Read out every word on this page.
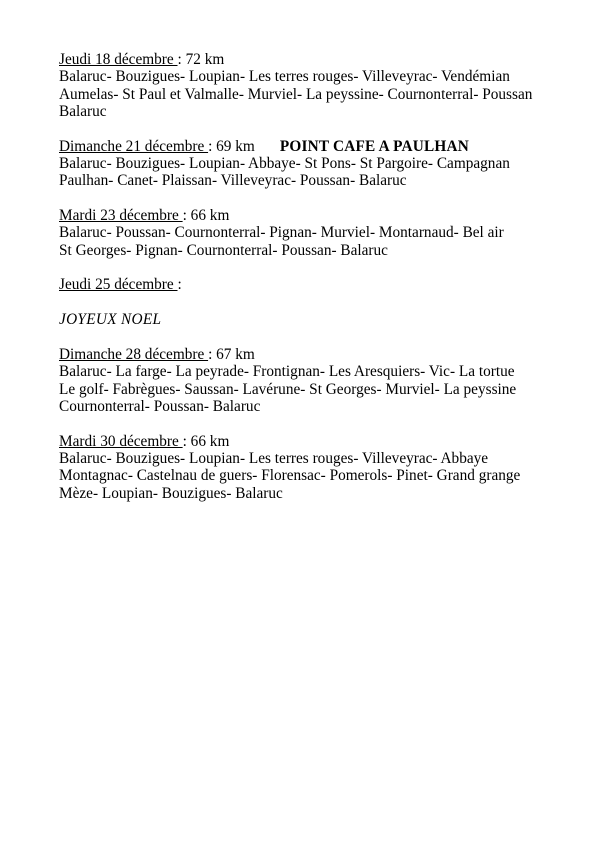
Jeudi 18 décembre : 72 km

Balaruc- Bouzigues- Loupian- Les terres rouges- Villeveyrac- Vendémian
Aumelas- St Paul et Valmalle- Murviel- La peyssine- Cournonterral- Poussan
Balaruc

Dimanche 21 décembre : 69 km POINT CAFE A PAULHAN

Balaruc- Bouzigues- Loupian- Abbaye- St Pons- St Pargoire- Campagnan
Paulhan- Canet- Plaissan- Villeveyrac- Poussan- Balaruc

Mardi 23 décembre : 66 km

Balaruc- Poussan- Cournonterral- Pignan- Murviel- Montarnaud- Bel air
St Georges- Pignan- Cournonterral- Poussan- Balaruc

Jeudi 25 décembre :

JOYEUX NOEL

Dimanche 28 décembre : 67 km

Balaruc- La farge- La peyrade- Frontignan- Les Aresquiers- Vic- La tortue
Le golf- Fabrègues- Saussan- Lavérune- St Georges- Murviel- La peyssine
Cournonterral- Poussan- Balaruc

Mardi 30 décembre : 66 km

Balaruc- Bouzigues- Loupian- Les terres rouges- Villeveyrac- Abbaye
Montagnac- Castelnau de guers- Florensac- Pomerols- Pinet- Grand grange
Mèze- Loupian- Bouzigues- Balaruc
